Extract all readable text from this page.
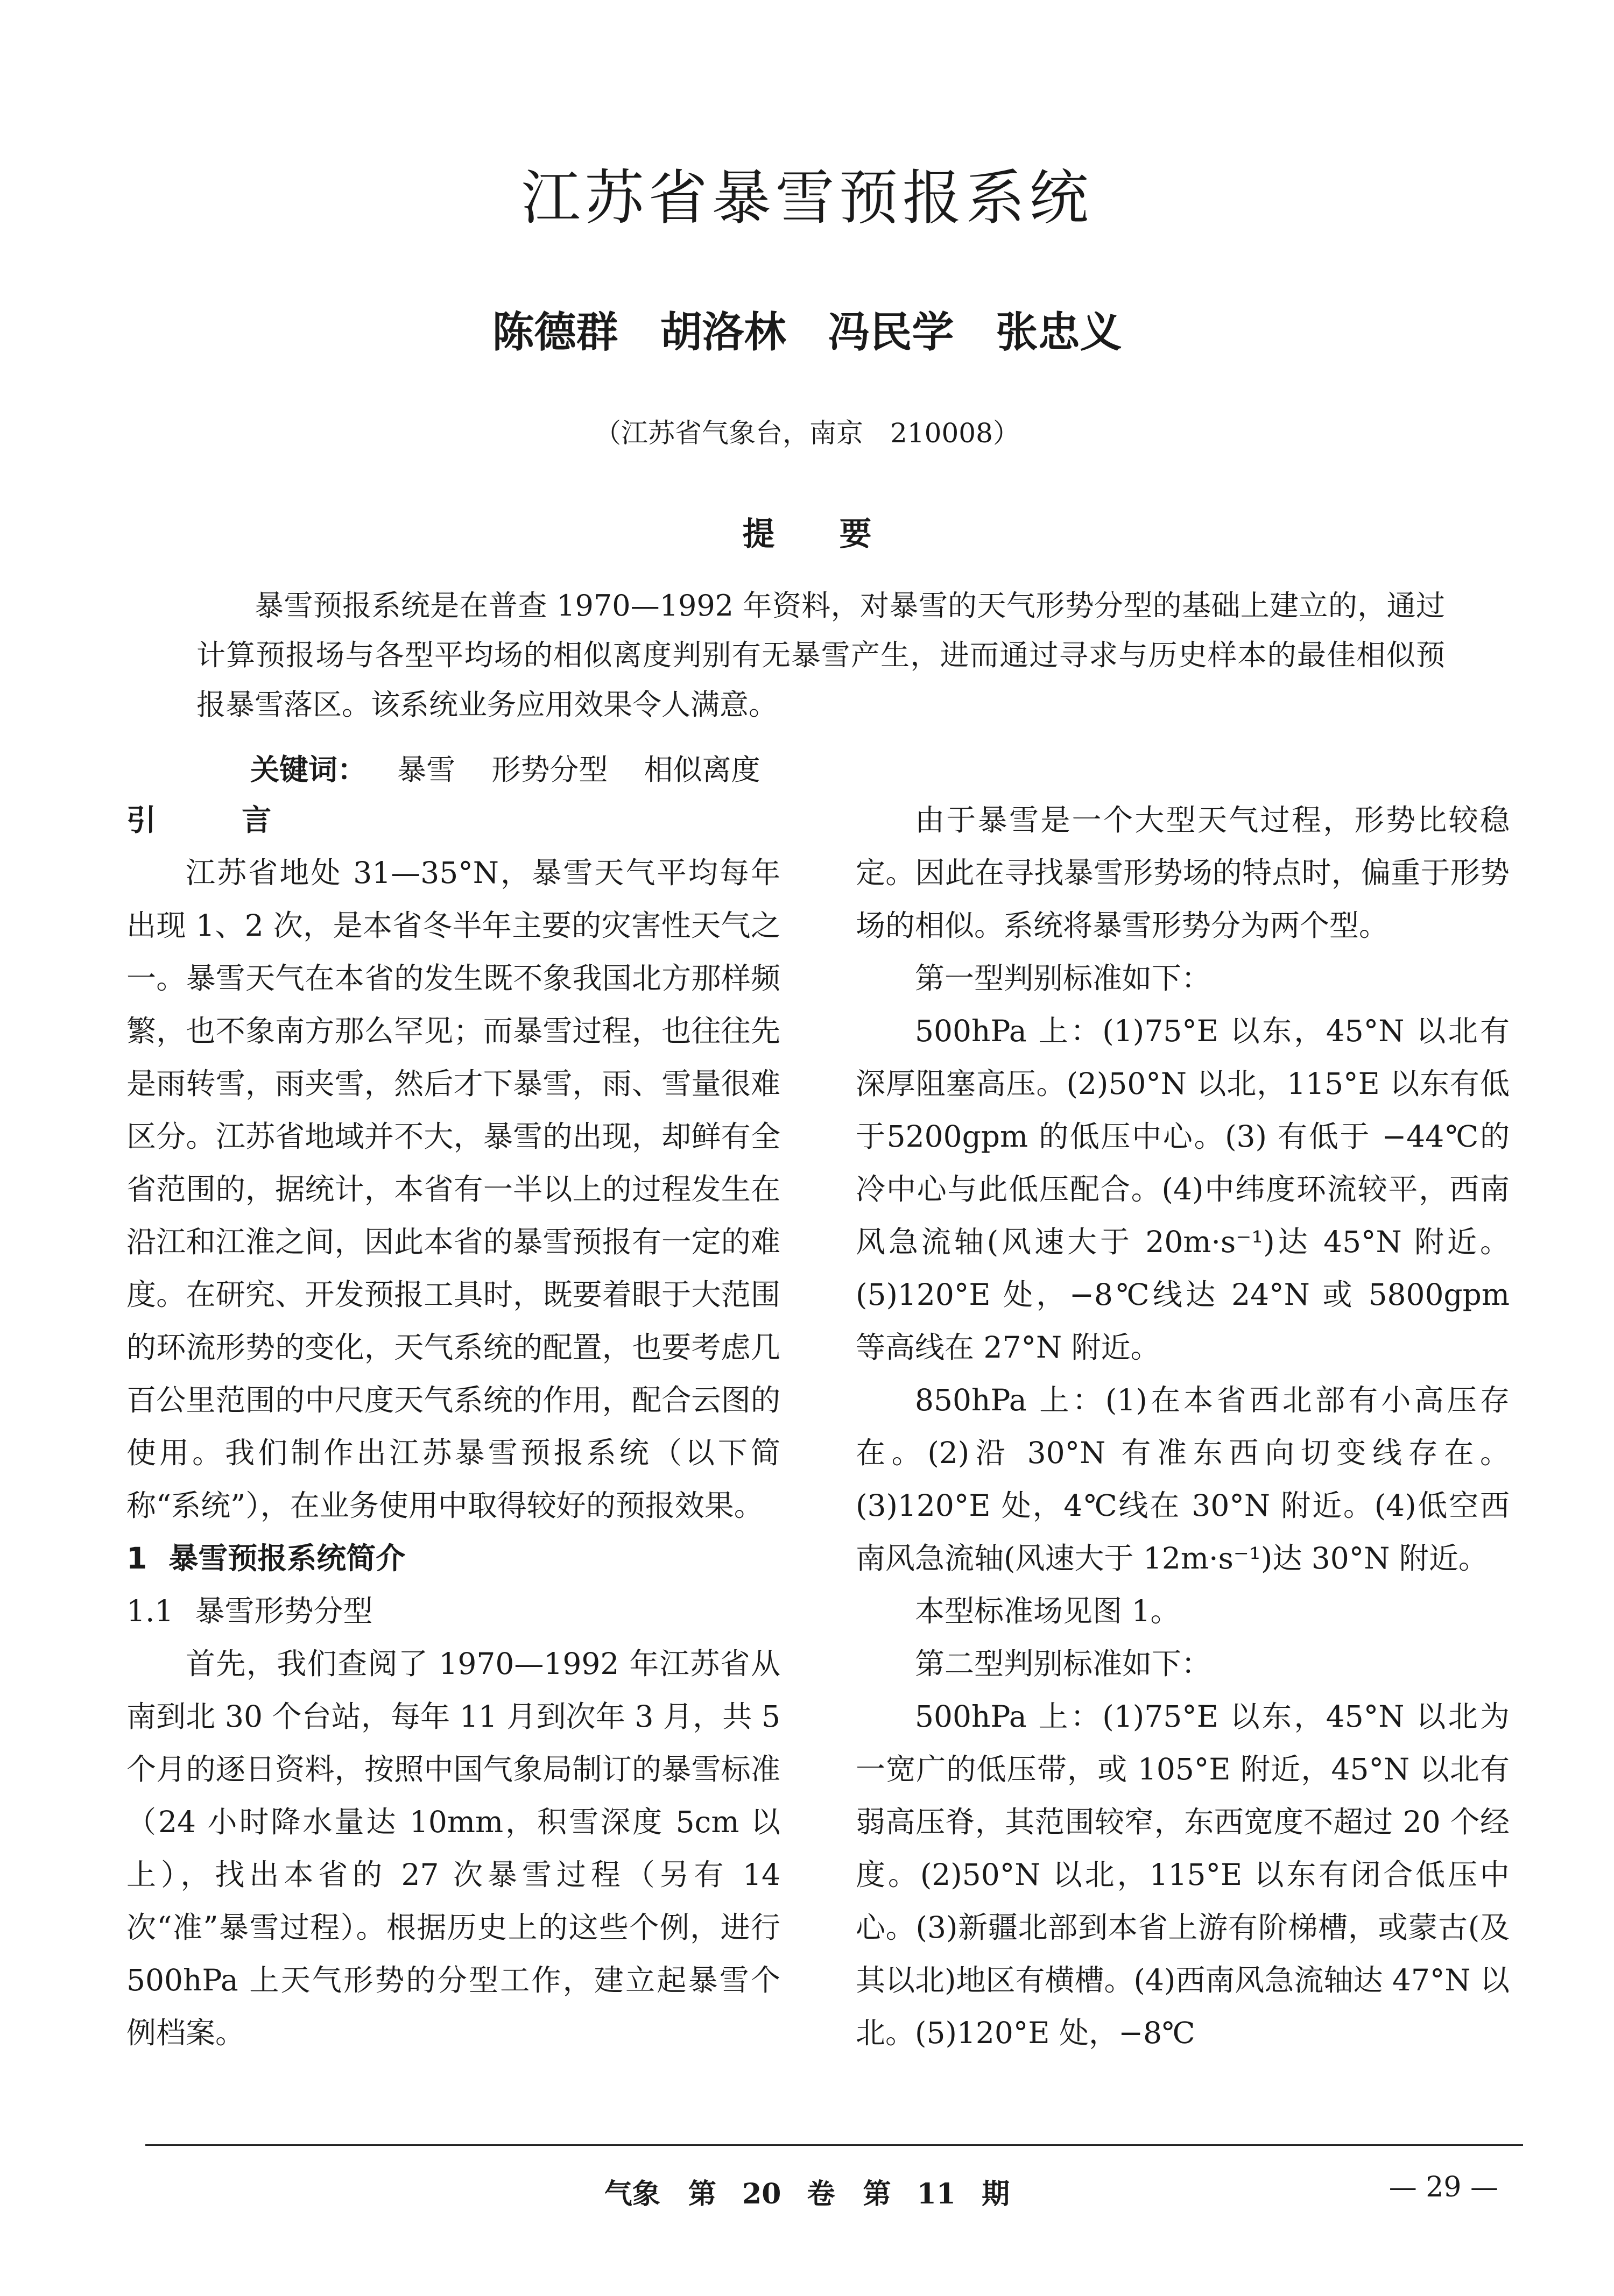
江苏省暴雪预报系统
陈德群　胡洛林　冯民学　张忠义
（江苏省气象台，南京　210008）
提要
暴雪预报系统是在普查 1970—1992 年资料，对暴雪的天气形势分型的基础上建立的，通过计算预报场与各型平均场的相似离度判别有无暴雪产生，进而通过寻求与历史样本的最佳相似预报暴雪落区。该系统业务应用效果令人满意。
关键词： 暴雪 形势分型 相似离度
引 言

江苏省地处 31—35°N，暴雪天气平均每年出现 1、2 次，是本省冬半年主要的灾害性天气之一。暴雪天气在本省的发生既不象我国北方那样频繁，也不象南方那么罕见；而暴雪过程，也往往先是雨转雪，雨夹雪，然后才下暴雪，雨、雪量很难区分。江苏省地域并不大，暴雪的出现，却鲜有全省范围的，据统计，本省有一半以上的过程发生在沿江和江淮之间，因此本省的暴雪预报有一定的难度。在研究、开发预报工具时，既要着眼于大范围的环流形势的变化，天气系统的配置，也要考虑几百公里范围的中尺度天气系统的作用，配合云图的使用。我们制作出江苏暴雪预报系统（以下简称“系统”），在业务使用中取得较好的预报效果。

1 暴雪预报系统简介
1.1 暴雪形势分型

首先，我们查阅了 1970—1992 年江苏省从南到北 30 个台站，每年 11 月到次年 3 月，共 5 个月的逐日资料，按照中国气象局制订的暴雪标准（24 小时降水量达 10mm，积雪深度 5cm 以上），找出本省的 27 次暴雪过程（另有 14 次“准”暴雪过程）。根据历史上的这些个例，进行 500hPa 上天气形势的分型工作，建立起暴雪个例档案。

由于暴雪是一个大型天气过程，形势比较稳定。因此在寻找暴雪形势场的特点时，偏重于形势场的相似。系统将暴雪形势分为两个型。

第一型判别标准如下：

500hPa 上：(1)75°E 以东，45°N 以北有深厚阻塞高压。(2)50°N 以北，115°E 以东有低于5200gpm 的低压中心。(3) 有低于 −44℃的冷中心与此低压配合。(4)中纬度环流较平，西南风急流轴(风速大于 20m·s⁻¹)达 45°N 附近。(5)120°E 处，−8℃线达 24°N 或 5800gpm 等高线在 27°N 附近。

850hPa 上：(1)在本省西北部有小高压存在。(2)沿 30°N 有准东西向切变线存在。(3)120°E 处，4℃线在 30°N 附近。(4)低空西南风急流轴(风速大于 12m·s⁻¹)达 30°N 附近。

本型标准场见图 1。

第二型判别标准如下：

500hPa 上：(1)75°E 以东，45°N 以北为一宽广的低压带，或 105°E 附近，45°N 以北有弱高压脊，其范围较窄，东西宽度不超过 20 个经度。(2)50°N 以北，115°E 以东有闭合低压中心。(3)新疆北部到本省上游有阶梯槽，或蒙古(及其以北)地区有横槽。(4)西南风急流轴达 47°N 以北。(5)120°E 处，−8℃

气象　第 20 卷　第 11 期	— 29 —
